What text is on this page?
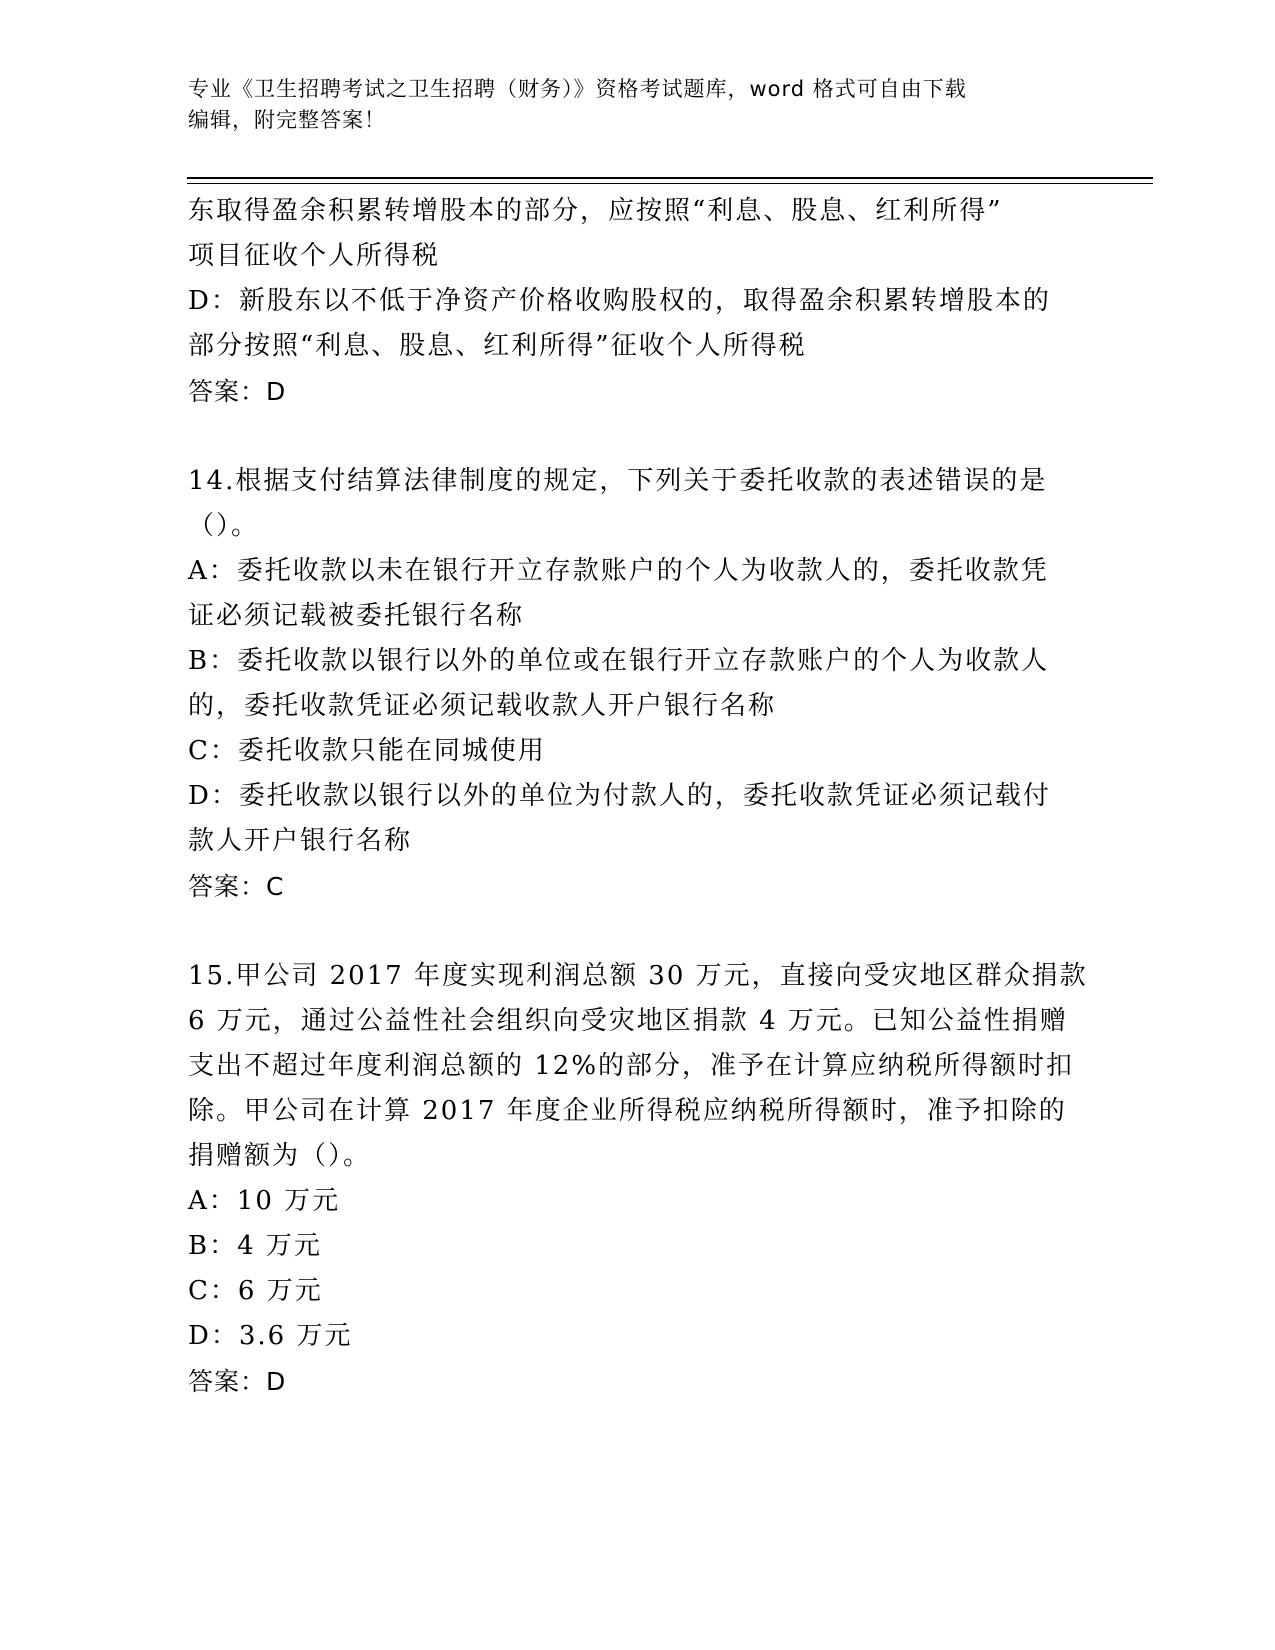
专业《卫生招聘考试之卫生招聘（财务）》资格考试题库，word 格式可自由下载
编辑，附完整答案！

东取得盈余积累转增股本的部分，应按照“利息、股息、红利所得”

项目征收个人所得税

D：新股东以不低于净资产价格收购股权的，取得盈余积累转增股本的

部分按照“利息、股息、红利所得”征收个人所得税

答案：D

14.根据支付结算法律制度的规定，下列关于委托收款的表述错误的是

（）。

A：委托收款以未在银行开立存款账户的个人为收款人的，委托收款凭

证必须记载被委托银行名称

B：委托收款以银行以外的单位或在银行开立存款账户的个人为收款人

的，委托收款凭证必须记载收款人开户银行名称

C：委托收款只能在同城使用

D：委托收款以银行以外的单位为付款人的，委托收款凭证必须记载付

款人开户银行名称

答案：C

15.甲公司 2017 年度实现利润总额 30 万元，直接向受灾地区群众捐款

6 万元，通过公益性社会组织向受灾地区捐款 4 万元。已知公益性捐赠

支出不超过年度利润总额的 12%的部分，准予在计算应纳税所得额时扣

除。甲公司在计算 2017 年度企业所得税应纳税所得额时，准予扣除的

捐赠额为（）。

A：10 万元

B：4 万元

C：6 万元

D：3.6 万元

答案：D
